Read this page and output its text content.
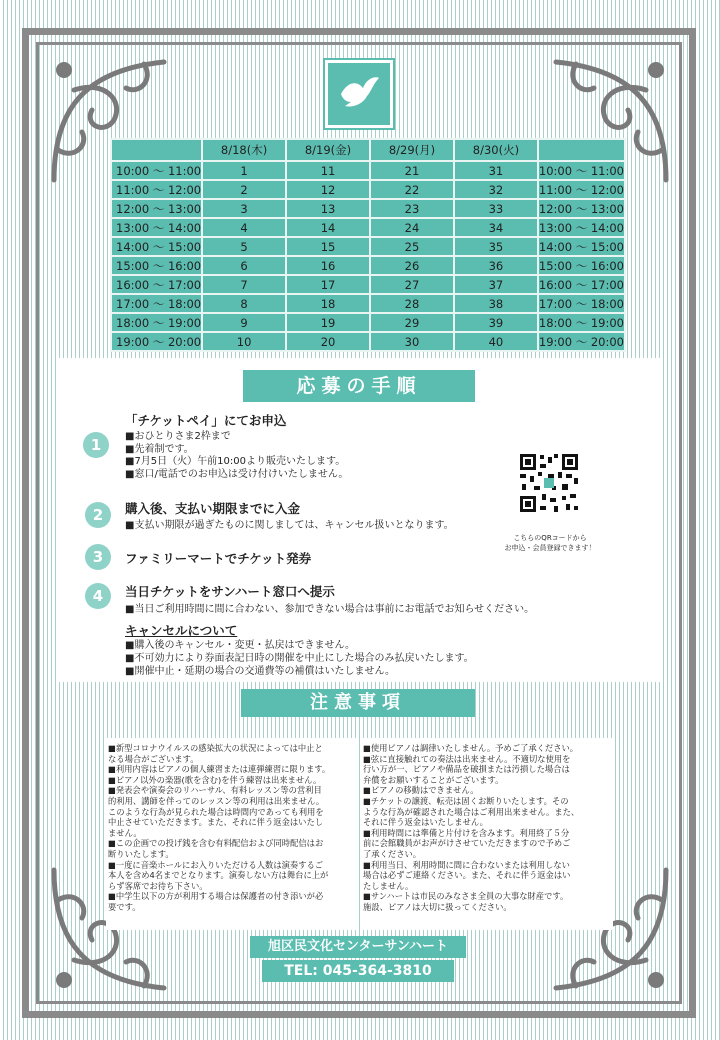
	8/18(木)	8/19(金)	8/29(月)	8/30(火)	
10:00 ～ 11:00	1	11	21	31	10:00 ～ 11:00
11:00 ～ 12:00	2	12	22	32	11:00 ～ 12:00
12:00 ～ 13:00	3	13	23	33	12:00 ～ 13:00
13:00 ～ 14:00	4	14	24	34	13:00 ～ 14:00
14:00 ～ 15:00	5	15	25	35	14:00 ～ 15:00
15:00 ～ 16:00	6	16	26	36	15:00 ～ 16:00
16:00 ～ 17:00	7	17	27	37	16:00 ～ 17:00
17:00 ～ 18:00	8	18	28	38	17:00 ～ 18:00
18:00 ～ 19:00	9	19	29	39	18:00 ～ 19:00
19:00 ～ 20:00	10	20	30	40	19:00 ～ 20:00
応募の手順
1
「チケットペイ」にてお申込
■おひとりさま2枠まで
■先着制です。
■7月5日（火）午前10:00より販売いたします。
■窓口/電話でのお申込は受け付けいたしません。
2	購入後、支払い期限までに入金
■支払い期限が過ぎたものに関しましては、キャンセル扱いとなります。
3	ファミリーマートでチケット発券
4	当日チケットをサンハート窓口へ提示
■当日ご利用時間に間に合わない、参加できない場合は事前にお電話でお知らせください。
キャンセルについて
■購入後のキャンセル・変更・払戻はできません。
■不可効力により券面表記日時の開催を中止にした場合のみ払戻いたします。
■開催中止・延期の場合の交通費等の補償はいたしません。
こちらのQRコードから
お申込・会員登録できます！
注意事項
■新型コロナウイルスの感染拡大の状況によっては中止と
なる場合がございます。
■利用内容はピアノの個人練習または連弾練習に限ります。
■ピアノ以外の楽器(歌を含む)を伴う練習は出来ません。
■発表会や演奏会のリハーサル、有料レッスン等の営利目
的利用、講師を伴ってのレッスン等の利用は出来ません。
このような行為が見られた場合は時間内であっても利用を
中止させていただきます。また、それに伴う返金はいたし
ません。
■この企画での投げ銭を含む有料配信および同時配信はお
断りいたします。
■一度に音楽ホールにお入りいただける人数は演奏するご
本人を含め4名までとなります。演奏しない方は舞台に上が
らず客席でお待ち下さい。
■中学生以下の方が利用する場合は保護者の付き添いが必
要です。
■使用ピアノは調律いたしません。予めご了承ください。
■弦に直接触れての奏法は出来ません。不適切な使用を
行い万が一、ピアノや備品を破損または汚損した場合は
弁償をお願いすることがございます。
■ピアノの移動はできません。
■チケットの譲渡、転売は固くお断りいたします。その
ような行為が確認された場合はご利用出来ません。また、
それに伴う返金はいたしません。
■利用時間には準備と片付けを含みます。利用終了５分
前に会館職員がお声がけさせていただきますので予めご
了承ください。
■利用当日、利用時間に間に合わないまたは利用しない
場合は必ずご連絡ください。また、それに伴う返金はい
たしません。
■サンハートは市民のみなさま全員の大事な財産です。
施設、ピアノは大切に扱ってください。
旭区民文化センターサンハート
TEL: 045-364-3810
